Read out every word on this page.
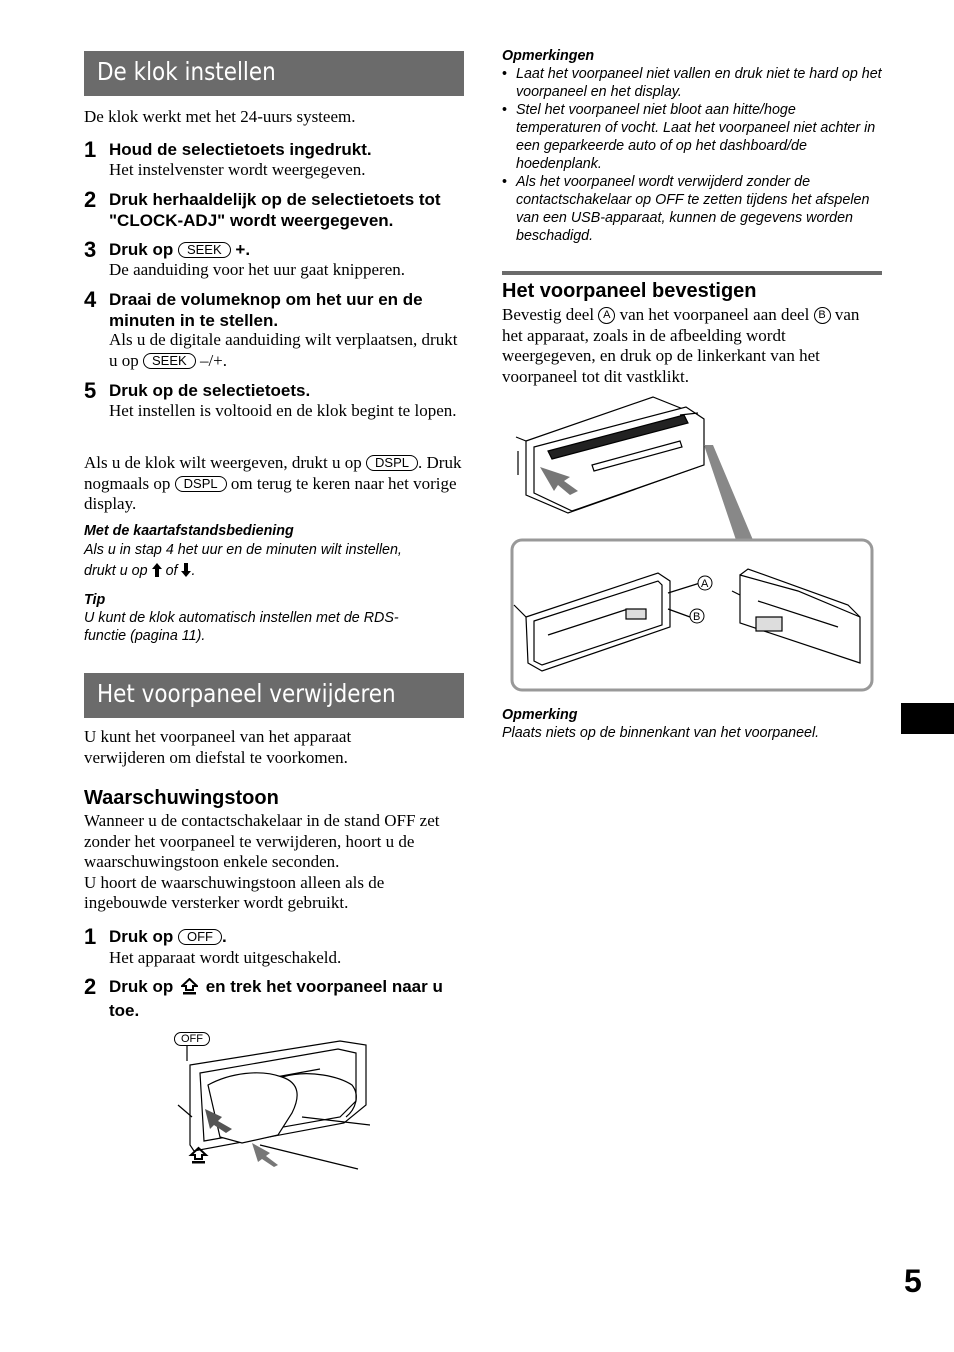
De klok instellen
De klok werkt met het 24-uurs systeem.
1 Houd de selectietoets ingedrukt.
Het instelvenster wordt weergegeven.
2 Druk herhaaldelijk op de selectietoets tot "CLOCK-ADJ" wordt weergegeven.
3 Druk op SEEK +.
De aanduiding voor het uur gaat knipperen.
4 Draai de volumeknop om het uur en de minuten in te stellen.
Als u de digitale aanduiding wilt verplaatsen, drukt u op SEEK –/+.
5 Druk op de selectietoets.
Het instellen is voltooid en de klok begint te lopen.
Als u de klok wilt weergeven, drukt u op DSPL . Druk nogmaals op DSPL om terug te keren naar het vorige display.
Met de kaartafstandsbediening
Als u in stap 4 het uur en de minuten wilt instellen,
drukt u op of .
Tip
U kunt de klok automatisch instellen met de RDS-functie (pagina 11).
Het voorpaneel verwijderen
U kunt het voorpaneel van het apparaat verwijderen om diefstal te voorkomen.
Waarschuwingstoon
Wanneer u de contactschakelaar in de stand OFF zet zonder het voorpaneel te verwijderen, hoort u de waarschuwingstoon enkele seconden.
U hoort de waarschuwingstoon alleen als de ingebouwde versterker wordt gebruikt.
1 Druk op OFF .
Het apparaat wordt uitgeschakeld.
2 Druk op en trek het voorpaneel naar u toe.
OFF
Opmerkingen
• Laat het voorpaneel niet vallen en druk niet te hard op het voorpaneel en het display.
• Stel het voorpaneel niet bloot aan hitte/hoge temperaturen of vocht. Laat het voorpaneel niet achter in een geparkeerde auto of op het dashboard/de hoedenplank.
• Als het voorpaneel wordt verwijderd zonder de contactschakelaar op OFF te zetten tijdens het afspelen van een USB-apparaat, kunnen de gegevens worden beschadigd.
Het voorpaneel bevestigen
Bevestig deel A van het voorpaneel aan deel B van het apparaat, zoals in de afbeelding wordt weergegeven, en druk op de linkerkant van het voorpaneel tot dit vastklikt.
A
B
Opmerking
Plaats niets op de binnenkant van het voorpaneel.
5
